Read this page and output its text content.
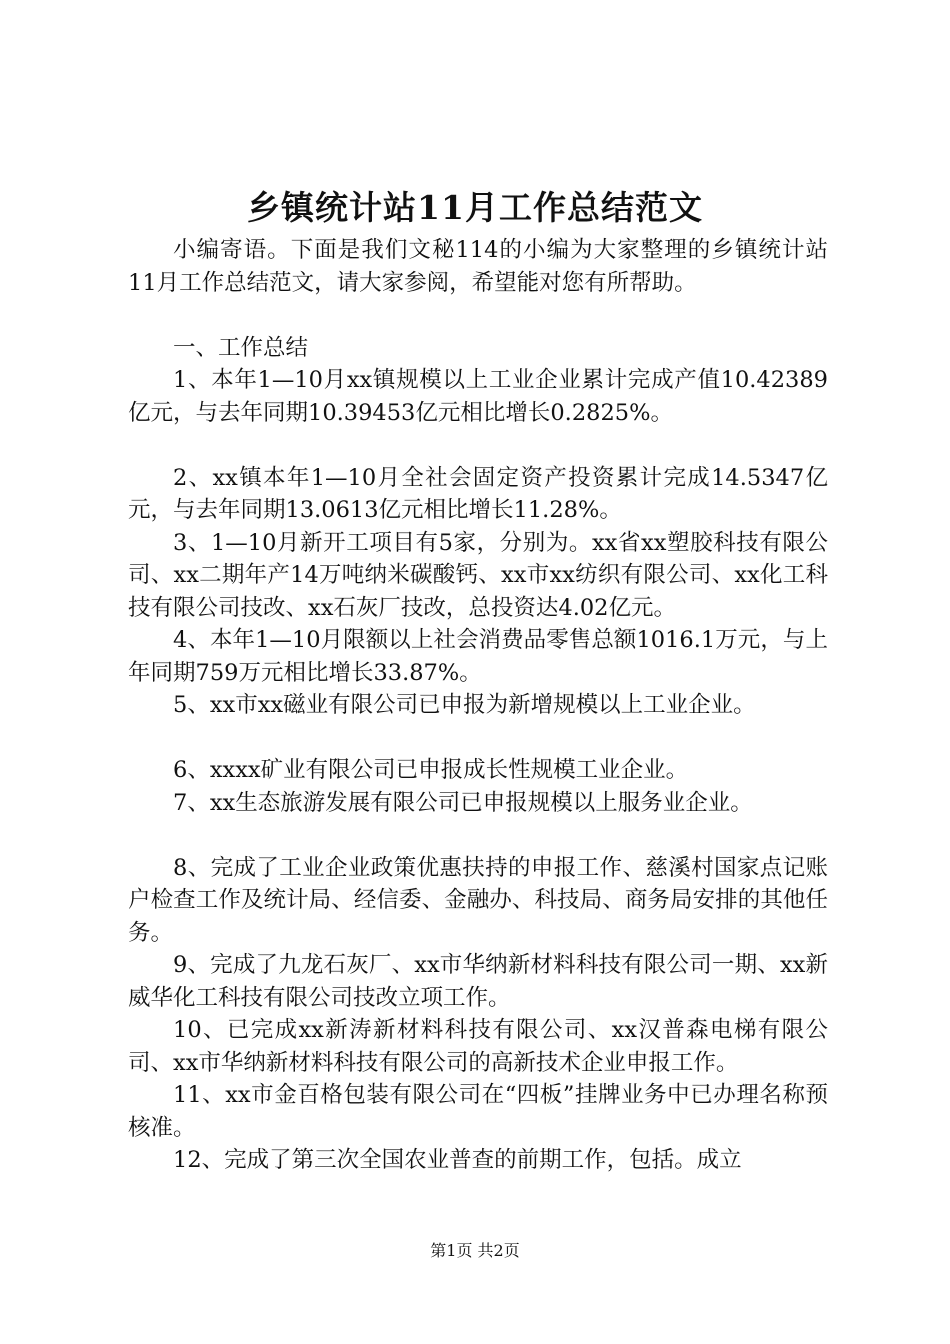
乡镇统计站11月工作总结范文

小编寄语。下面是我们文秘114的小编为大家整理的乡镇统计站11月工作总结范文，请大家参阅，希望能对您有所帮助。

一、工作总结

1、本年1—10月xx镇规模以上工业企业累计完成产值10.42389亿元，与去年同期10.39453亿元相比增长0.2825%。

2、xx镇本年1—10月全社会固定资产投资累计完成14.5347亿元，与去年同期13.0613亿元相比增长11.28%。

3、1—10月新开工项目有5家，分别为。xx省xx塑胶科技有限公司、xx二期年产14万吨纳米碳酸钙、xx市xx纺织有限公司、xx化工科技有限公司技改、xx石灰厂技改，总投资达4.02亿元。

4、本年1—10月限额以上社会消费品零售总额1016.1万元，与上年同期759万元相比增长33.87%。

5、xx市xx磁业有限公司已申报为新增规模以上工业企业。

6、xxxx矿业有限公司已申报成长性规模工业企业。

7、xx生态旅游发展有限公司已申报规模以上服务业企业。

8、完成了工业企业政策优惠扶持的申报工作、慈溪村国家点记账户检查工作及统计局、经信委、金融办、科技局、商务局安排的其他任务。

9、完成了九龙石灰厂、xx市华纳新材料科技有限公司一期、xx新威华化工科技有限公司技改立项工作。

10、已完成xx新涛新材料科技有限公司、xx汉普森电梯有限公司、xx市华纳新材料科技有限公司的高新技术企业申报工作。

11、xx市金百格包装有限公司在“四板”挂牌业务中已办理名称预核准。

12、完成了第三次全国农业普查的前期工作，包括。成立

第1页 共2页
